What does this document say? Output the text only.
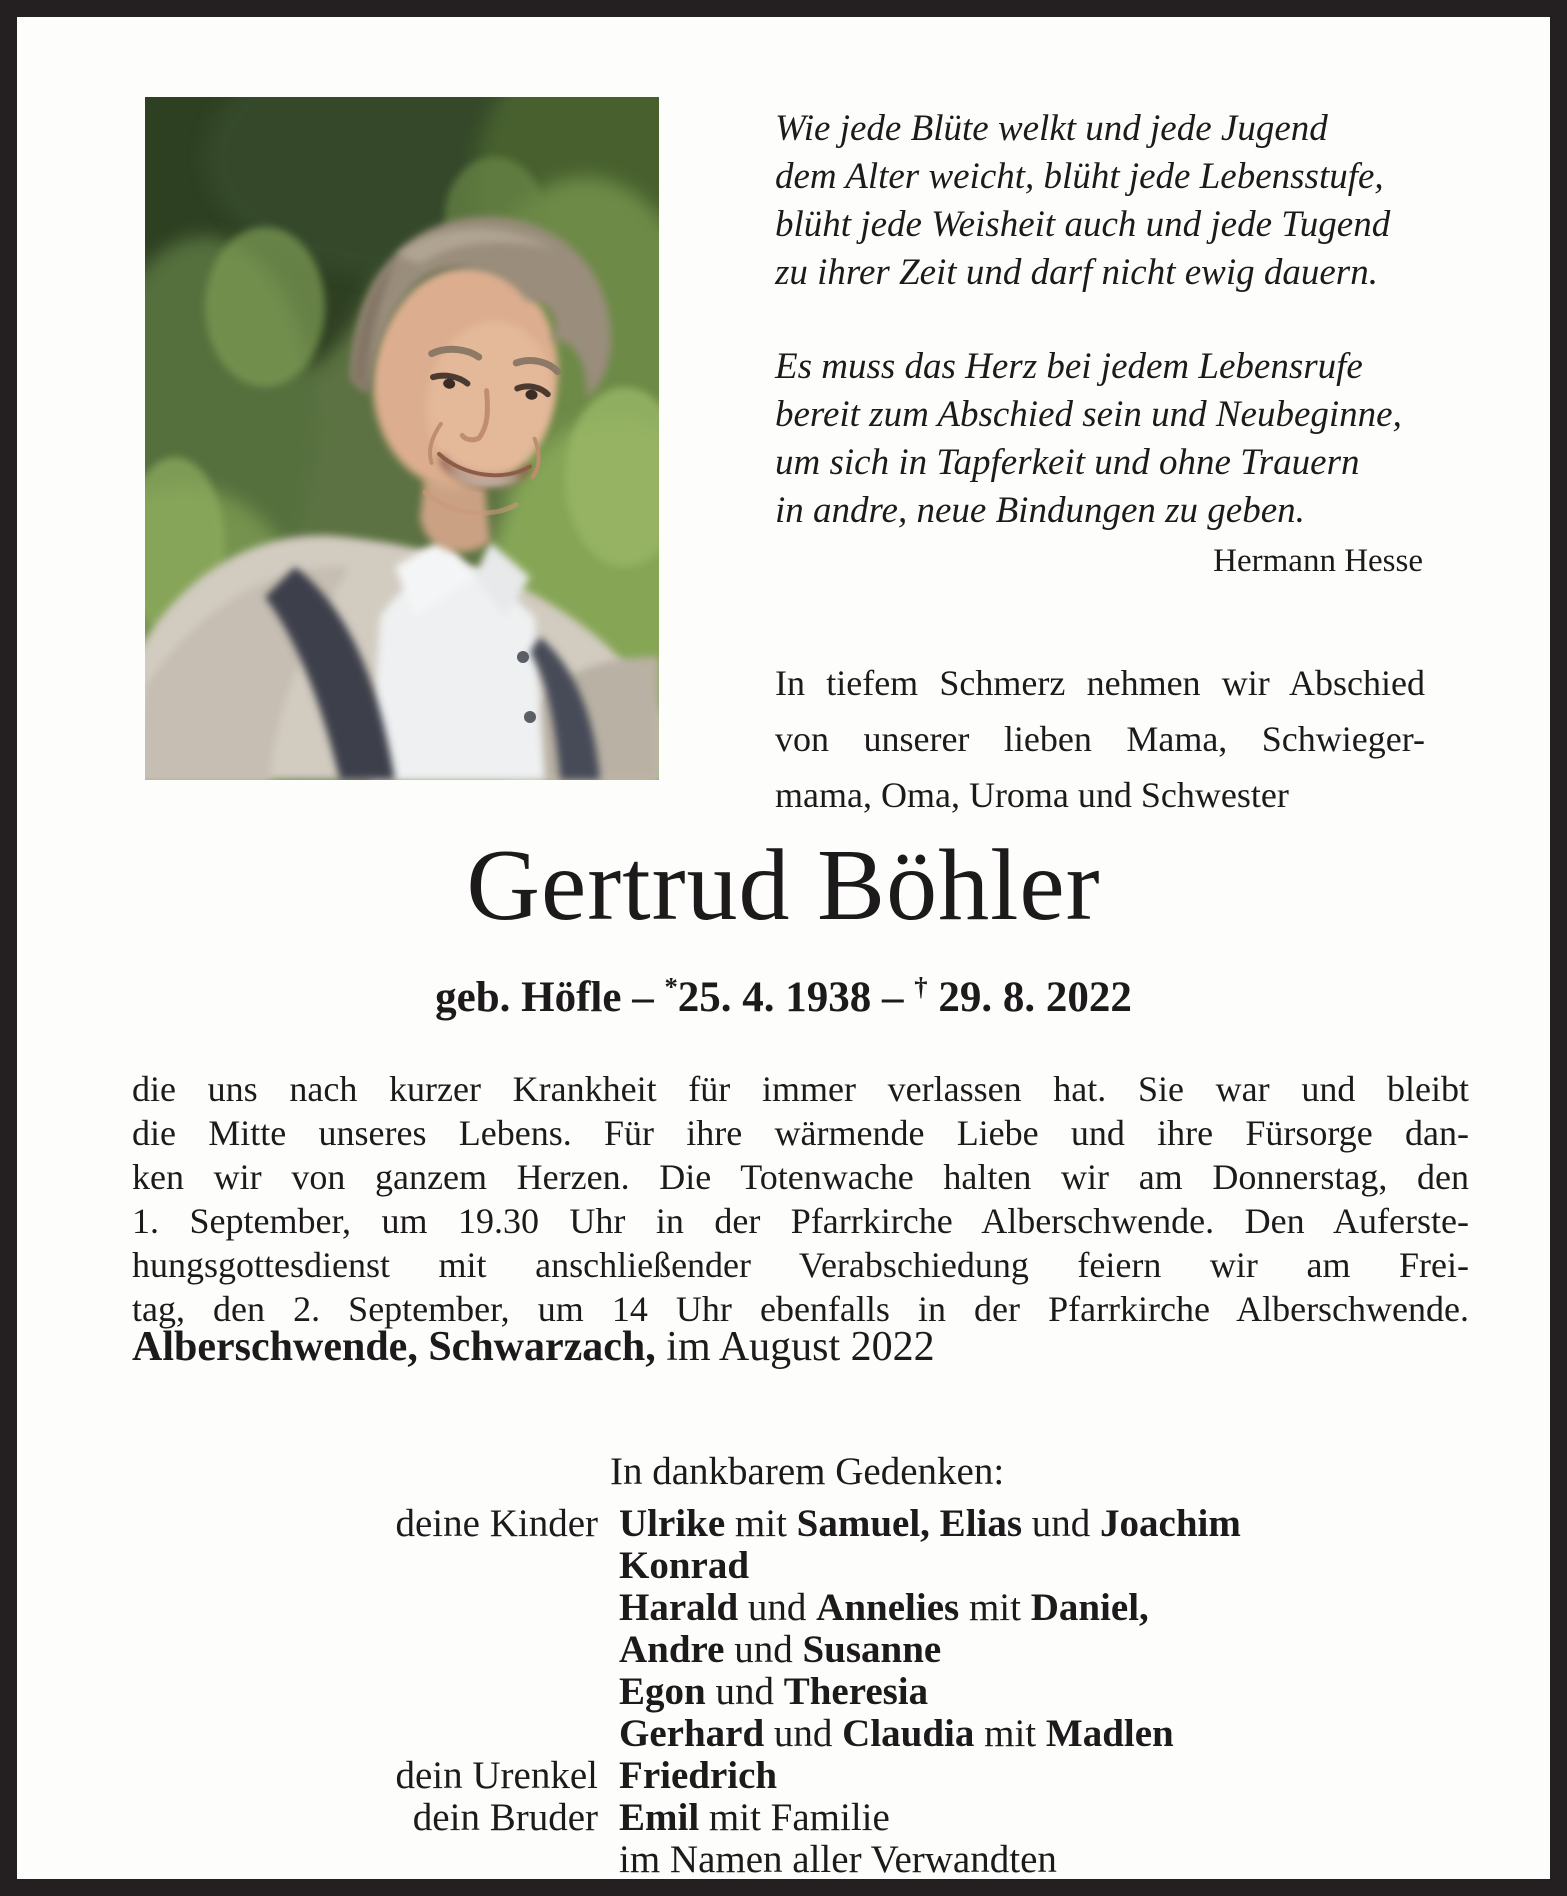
Wie jede Blüte welkt und jede Jugend
dem Alter weicht, blüht jede Lebensstufe,
blüht jede Weisheit auch und jede Tugend
zu ihrer Zeit und darf nicht ewig dauern.
Es muss das Herz bei jedem Lebensrufe
bereit zum Abschied sein und Neubeginne,
um sich in Tapferkeit und ohne Trauern
in andre, neue Bindungen zu geben.
Hermann Hesse
In tiefem Schmerz nehmen wir Abschied
von unserer lieben Mama, Schwieger-
mama, Oma, Uroma und Schwester
Gertrud Böhler
geb. Höfle – *25. 4. 1938 – † 29. 8. 2022
die uns nach kurzer Krankheit für immer verlassen hat. Sie war und bleibt
die Mitte unseres Lebens. Für ihre wärmende Liebe und ihre Fürsorge dan-
ken wir von ganzem Herzen. Die Totenwache halten wir am Donnerstag, den
1. September, um 19.30 Uhr in der Pfarrkirche Alberschwende. Den Auferste-
hungsgottesdienst mit anschließender Verabschiedung feiern wir am Frei-
tag, den 2. September, um 14 Uhr ebenfalls in der Pfarrkirche Alberschwende.
Alberschwende, Schwarzach, im August 2022
In dankbarem Gedenken:
deine Kinder Ulrike mit Samuel, Elias und Joachim
Konrad
Harald und Annelies mit Daniel,
Andre und Susanne
Egon und Theresia
Gerhard und Claudia mit Madlen
dein Urenkel Friedrich
dein Bruder Emil mit Familie
im Namen aller Verwandten
